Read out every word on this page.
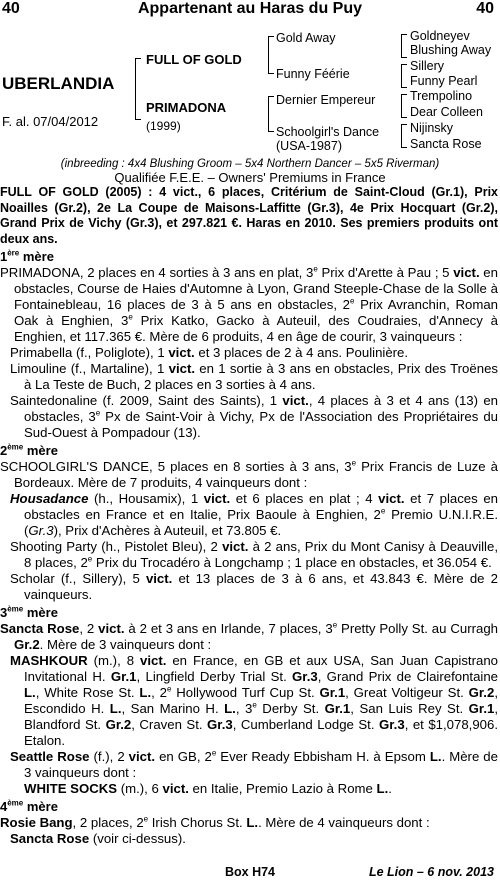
40	Appartenant au Haras du Puy	40
UBERLANDIA
F. al. 07/04/2012
FULL OF GOLD
PRIMADONA
(1999)
Gold Away
Funny Féérie
Dernier Empereur
Schoolgirl's Dance
(USA-1987)
Goldneyev
Blushing Away
Sillery
Funny Pearl
Trempolino
Dear Colleen
Nijinsky
Sancta Rose
(inbreeding : 4x4 Blushing Groom – 5x4 Northern Dancer – 5x5 Riverman)
Qualifiée F.E.E. – Owners' Premiums in France
FULL OF GOLD (2005) : 4 vict., 6 places, Critérium de Saint-Cloud (Gr.1), Prix Noailles (Gr.2), 2e La Coupe de Maisons-Laffitte (Gr.3), 4e Prix Hocquart (Gr.2), Grand Prix de Vichy (Gr.3), et 297.821 €. Haras en 2010. Ses premiers produits ont deux ans.
1ère mère

PRIMADONA, 2 places en 4 sorties à 3 ans en plat, 3e Prix d'Arette à Pau ; 5 vict. en obstacles, Course de Haies d'Automne à Lyon, Grand Steeple-Chase de la Solle à Fontainebleau, 16 places de 3 à 5 ans en obstacles, 2e Prix Avranchin, Roman Oak à Enghien, 3e Prix Katko, Gacko à Auteuil, des Coudraies, d'Annecy à Enghien, et 117.365 €. Mère de 6 produits, 4 en âge de courir, 3 vainqueurs :

Primabella (f., Poliglote), 1 vict. et 3 places de 2 à 4 ans. Poulinière.

Limouline (f., Martaline), 1 vict. en 1 sortie à 3 ans en obstacles, Prix des Troënes à La Teste de Buch, 2 places en 3 sorties à 4 ans.

Saintedonaline (f. 2009, Saint des Saints), 1 vict., 4 places à 3 et 4 ans (13) en obstacles, 3e Px de Saint-Voir à Vichy, Px de l'Association des Propriétaires du Sud-Ouest à Pompadour (13).

2ème mère

SCHOOLGIRL'S DANCE, 5 places en 8 sorties à 3 ans, 3e Prix Francis de Luze à Bordeaux. Mère de 7 produits, 4 vainqueurs dont :

Housadance (h., Housamix), 1 vict. et 6 places en plat ; 4 vict. et 7 places en obstacles en France et en Italie, Prix Baoule à Enghien, 2e Premio U.N.I.R.E. (Gr.3), Prix d'Achères à Auteuil, et 73.805 €.

Shooting Party (h., Pistolet Bleu), 2 vict. à 2 ans, Prix du Mont Canisy à Deauville, 8 places, 2e Prix du Trocadéro à Longchamp ; 1 place en obstacles, et 36.054 €.

Scholar (f., Sillery), 5 vict. et 13 places de 3 à 6 ans, et 43.843 €. Mère de 2 vainqueurs.

3ème mère

Sancta Rose, 2 vict. à 2 et 3 ans en Irlande, 7 places, 3e Pretty Polly St. au Curragh Gr.2. Mère de 3 vainqueurs dont :

MASHKOUR (m.), 8 vict. en France, en GB et aux USA, San Juan Capistrano Invitational H. Gr.1, Lingfield Derby Trial St. Gr.3, Grand Prix de Clairefontaine L., White Rose St. L., 2e Hollywood Turf Cup St. Gr.1, Great Voltigeur St. Gr.2, Escondido H. L., San Marino H. L., 3e Derby St. Gr.1, San Luis Rey St. Gr.1, Blandford St. Gr.2, Craven St. Gr.3, Cumberland Lodge St. Gr.3, et $1,078,906. Etalon.

Seattle Rose (f.), 2 vict. en GB, 2e Ever Ready Ebbisham H. à Epsom L.. Mère de 3 vainqueurs dont :

WHITE SOCKS (m.), 6 vict. en Italie, Premio Lazio à Rome L..

4ème mère

Rosie Bang, 2 places, 2e Irish Chorus St. L.. Mère de 4 vainqueurs dont :

Sancta Rose (voir ci-dessus).

Box H74	Le Lion – 6 nov. 2013
